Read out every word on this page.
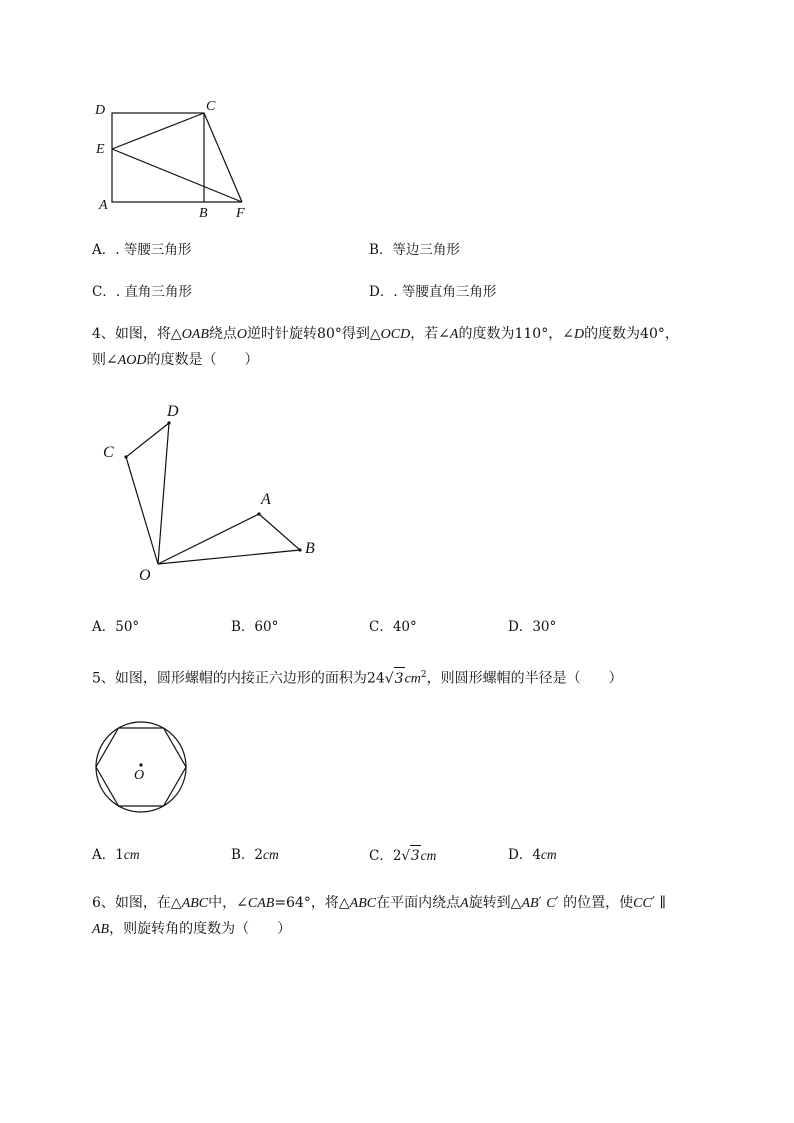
D	C
E
A
B F
A．. 等腰三角形	B．等边三角形
C．. 直角三角形	D．. 等腰直角三角形
4、如图，将△OAB绕点O逆时针旋转80°得到△OCD，若∠A的度数为110°，∠D的度数为40°，
则∠AOD的度数是（　　）
D
C
A
B
O
A．50°	B．60°	C．40°	D．30°
5、如图，圆形螺帽的内接正六边形的面积为$24√3cm^2$，则圆形螺帽的半径是（　　）
O
A．1cm	B．2cm	C．2√3cm	D．4cm
6、如图，在△ABC中，∠CAB=64°，将△ABC在平面内绕点A旋转到△AB′ C′ 的位置，使CC′ ∥
AB，则旋转角的度数为（　　）
